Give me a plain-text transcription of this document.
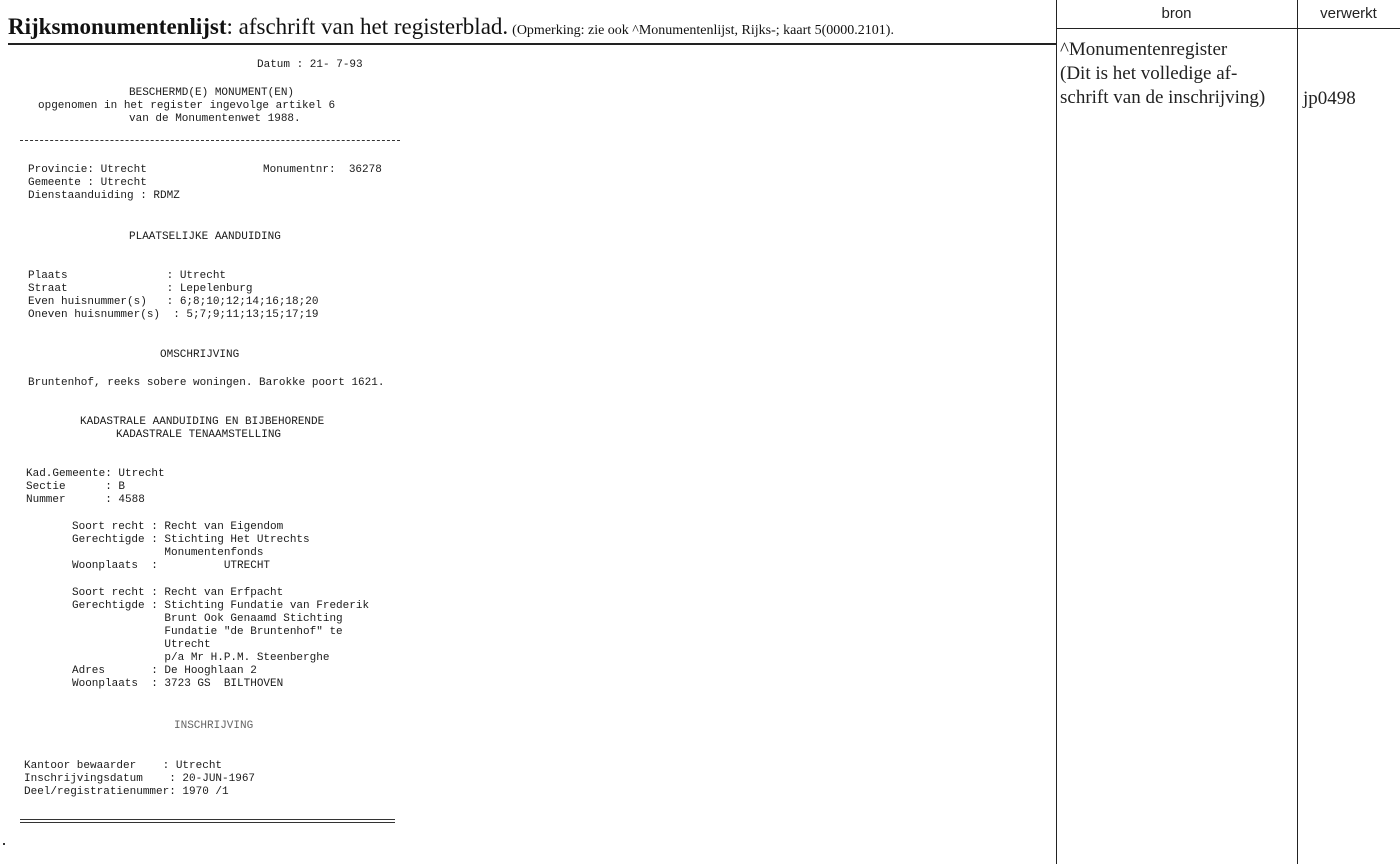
Rijksmonumentenlijst: afschrift van het registerblad. (Opmerking: zie ook ^Monumentenlijst, Rijks-; kaart 5(0000.2101).
bron	verwerkt
^Monumentenregister
(Dit is het volledige af-
schrift van de inschrijving)	jp0498
Datum : 21- 7-93
BESCHERMD(E) MONUMENT(EN)
opgenomen in het register ingevolge artikel 6
van de Monumentenwet 1988.
Provincie: Utrecht	Monumentnr:  36278
Gemeente : Utrecht
Dienstaanduiding : RDMZ
PLAATSELIJKE AANDUIDING
Plaats               : Utrecht
Straat               : Lepelenburg
Even huisnummer(s)   : 6;8;10;12;14;16;18;20
Oneven huisnummer(s)  : 5;7;9;11;13;15;17;19
OMSCHRIJVING
Bruntenhof, reeks sobere woningen. Barokke poort 1621.
KADASTRALE AANDUIDING EN BIJBEHORENDE
KADASTRALE TENAAMSTELLING
Kad.Gemeente: Utrecht
Sectie      : B
Nummer      : 4588
Soort recht : Recht van Eigendom
Gerechtigde : Stichting Het Utrechts
Monumentenfonds
Woonplaats  :          UTRECHT
Soort recht : Recht van Erfpacht
Gerechtigde : Stichting Fundatie van Frederik
Brunt Ook Genaamd Stichting
Fundatie "de Bruntenhof" te
Utrecht
p/a Mr H.P.M. Steenberghe
Adres       : De Hooghlaan 2
Woonplaats  : 3723 GS  BILTHOVEN
INSCHRIJVING
Kantoor bewaarder    : Utrecht
Inschrijvingsdatum    : 20-JUN-1967
Deel/registratienummer: 1970 /1
